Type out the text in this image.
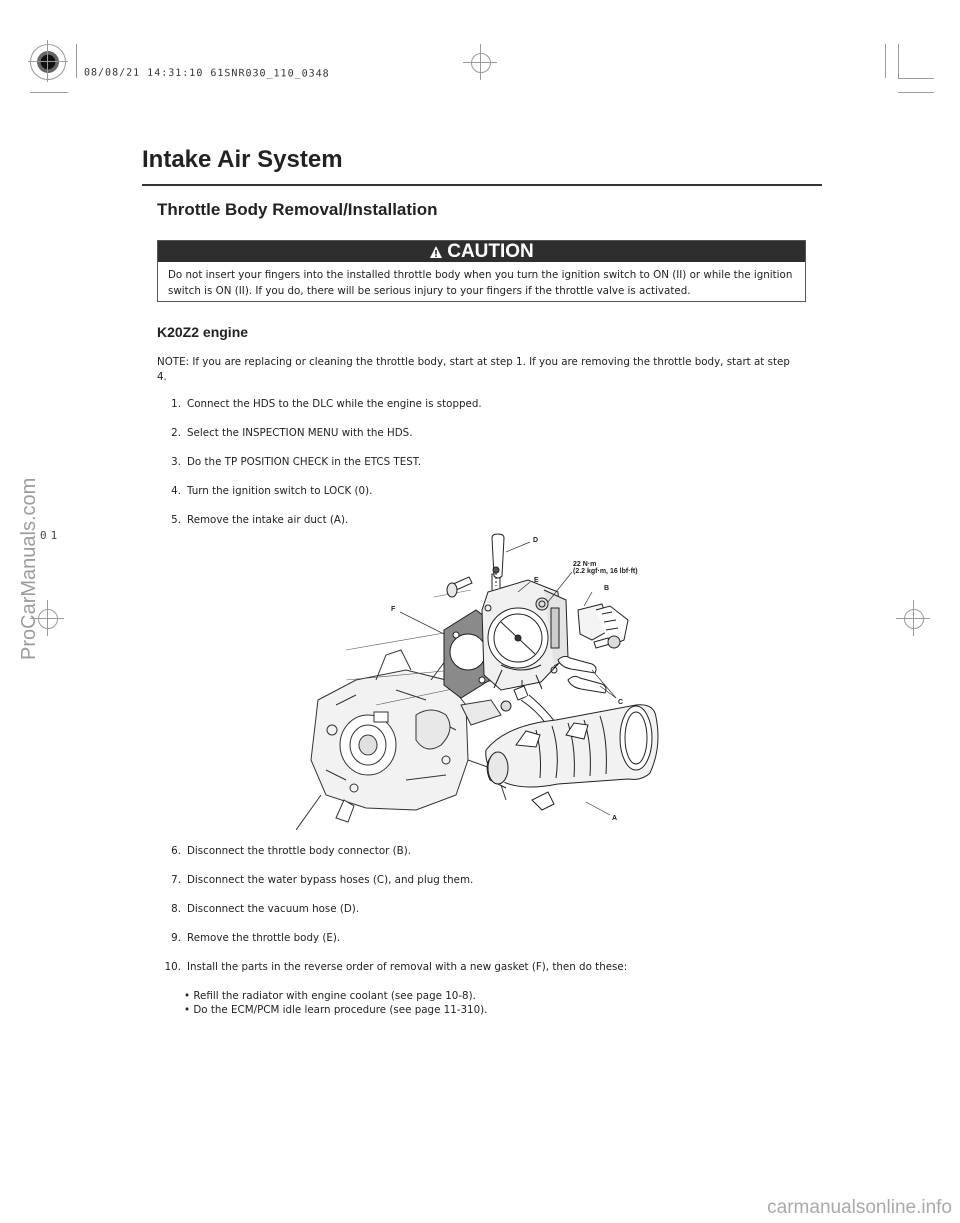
08/08/21 14:31:10 61SNR030_110_0348
01
ProCarManuals.com
Intake Air System
Throttle Body Removal/Installation
CAUTION
Do not insert your fingers into the installed throttle body when you turn the ignition switch to ON (II) or while the ignition switch is ON (II). If you do, there will be serious injury to your fingers if the throttle valve is activated.
K20Z2 engine
NOTE: If you are replacing or cleaning the throttle body, start at step 1. If you are removing the throttle body, start at step 4.
1. Connect the HDS to the DLC while the engine is stopped.
2. Select the INSPECTION MENU with the HDS.
3. Do the TP POSITION CHECK in the ETCS TEST.
4. Turn the ignition switch to LOCK (0).
5. Remove the intake air duct (A).
D
E
22 N·m
(2.2 kgf·m, 16 lbf·ft)
B
F
C
A
6. Disconnect the throttle body connector (B).
7. Disconnect the water bypass hoses (C), and plug them.
8. Disconnect the vacuum hose (D).
9. Remove the throttle body (E).
10. Install the parts in the reverse order of removal with a new gasket (F), then do these:
• Refill the radiator with engine coolant (see page 10-8).
• Do the ECM/PCM idle learn procedure (see page 11-310).
carmanualsonline.info
